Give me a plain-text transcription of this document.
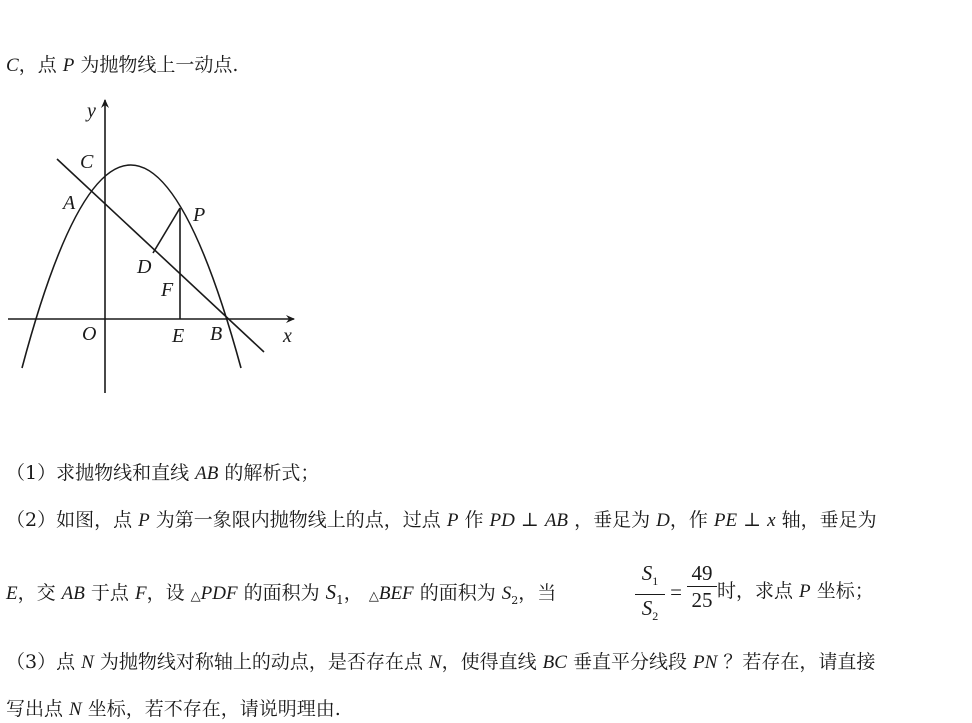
C，点 P 为抛物线上一动点.
y
C
A
P
D
F
O	E B	x
（1）求抛物线和直线 AB 的解析式；
（2）如图，点 P 为第一象限内抛物线上的点，过点 P 作 PD ⊥ AB ，垂足为 D，作 PE ⊥ x 轴，垂足为
E，交 AB 于点 F，设 △PDF 的面积为 $S_1$， △BEF 的面积为 $S_2$，当
$S_1$
$S_2$
=
49
25 时，求点 P 坐标；
（3）点 N 为抛物线对称轴上的动点，是否存在点 N，使得直线 BC 垂直平分线段 PN ？若存在，请直接
写出点 N 坐标，若不存在，请说明理由.
